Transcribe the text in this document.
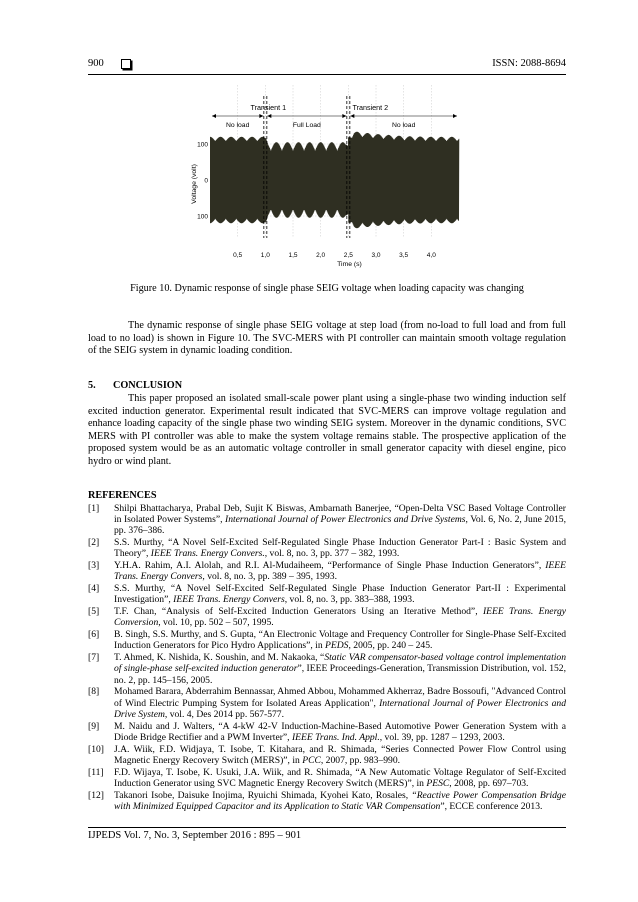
900	ISSN: 2088-8694
Transient 1	Transient 2
No load	Full Load	No load
Voltage (volt)
100
0
100
0,5	1,0	1,5	2,0	2,5	3,0	3,5	4,0
Time (s)
Figure 10. Dynamic response of single phase SEIG voltage when loading capacity was changing

The dynamic response of single phase SEIG voltage at step load (from no-load to full load and from full load to no load) is shown in Figure 10. The SVC-MERS with PI controller can maintain smooth voltage regulation of the SEIG system in dynamic loading condition.

5. CONCLUSION

This paper proposed an isolated small-scale power plant using a single-phase two winding induction self excited induction generator. Experimental result indicated that SVC-MERS can improve voltage regulation and enhance loading capacity of the single phase two winding SEIG system. Moreover in the dynamic conditions, SVC MERS with PI controller was able to make the system voltage remains stable. The prospective application of the proposed system would be as an automatic voltage controller in small generator capacity with diesel engine, pico hydro or wind plant.

REFERENCES
[1]	Shilpi Bhattacharya, Prabal Deb, Sujit K Biswas, Ambarnath Banerjee, “Open-Delta VSC Based Voltage Controller in Isolated Power Systems”, International Journal of Power Electronics and Drive Systems, Vol. 6, No. 2, June 2015, pp. 376–386.
[2]	S.S. Murthy, “A Novel Self-Excited Self-Regulated Single Phase Induction Generator Part-I : Basic System and Theory”, IEEE Trans. Energy Convers., vol. 8, no. 3, pp. 377 – 382, 1993.
[3]	Y.H.A. Rahim, A.I. Alolah, and R.I. Al-Mudaiheem, “Performance of Single Phase Induction Generators”, IEEE Trans. Energy Convers, vol. 8, no. 3, pp. 389 – 395, 1993.
[4]	S.S. Murthy, “A Novel Self-Excited Self-Regulated Single Phase Induction Generator Part-II : Experimental Investigation”, IEEE Trans. Energy Convers, vol. 8, no. 3, pp. 383–388, 1993.
[5]	T.F. Chan, “Analysis of Self-Excited Induction Generators Using an Iterative Method”, IEEE Trans. Energy Conversion, vol. 10, pp. 502 – 507, 1995.
[6]	B. Singh, S.S. Murthy, and S. Gupta, “An Electronic Voltage and Frequency Controller for Single-Phase Self-Excited Induction Generators for Pico Hydro Applications”, in PEDS, 2005, pp. 240 – 245.
[7]	T. Ahmed, K. Nishida, K. Soushin, and M. Nakaoka, “Static VAR compensator-based voltage control implementation of single-phase self-excited induction generator”, IEEE Proceedings-Generation, Transmission Distribution, vol. 152, no. 2, pp. 145–156, 2005.
[8]	Mohamed Barara, Abderrahim Bennassar, Ahmed Abbou, Mohammed Akherraz, Badre Bossoufi, "Advanced Control of Wind Electric Pumping System for Isolated Areas Application", International Journal of Power Electronics and Drive System, vol. 4, Des 2014 pp. 567-577.
[9]	M. Naidu and J. Walters, “A 4-kW 42-V Induction-Machine-Based Automotive Power Generation System with a Diode Bridge Rectifier and a PWM Inverter”, IEEE Trans. Ind. Appl., vol. 39, pp. 1287 – 1293, 2003.
[10]	J.A. Wiik, F.D. Widjaya, T. Isobe, T. Kitahara, and R. Shimada, “Series Connected Power Flow Control using Magnetic Energy Recovery Switch (MERS)”, in PCC, 2007, pp. 983–990.
[11]	F.D. Wijaya, T. Isobe, K. Usuki, J.A. Wiik, and R. Shimada, “A New Automatic Voltage Regulator of Self-Excited Induction Generator using SVC Magnetic Energy Recovery Switch (MERS)”, in PESC, 2008, pp. 697–703.
[12]	Takanori Isobe, Daisuke Inojima, Ryuichi Shimada, Kyohei Kato, Rosales, “Reactive Power Compensation Bridge with Minimized Equipped Capacitor and its Application to Static VAR Compensation”, ECCE conference 2013.
IJPEDS Vol. 7, No. 3, September 2016 : 895 – 901
